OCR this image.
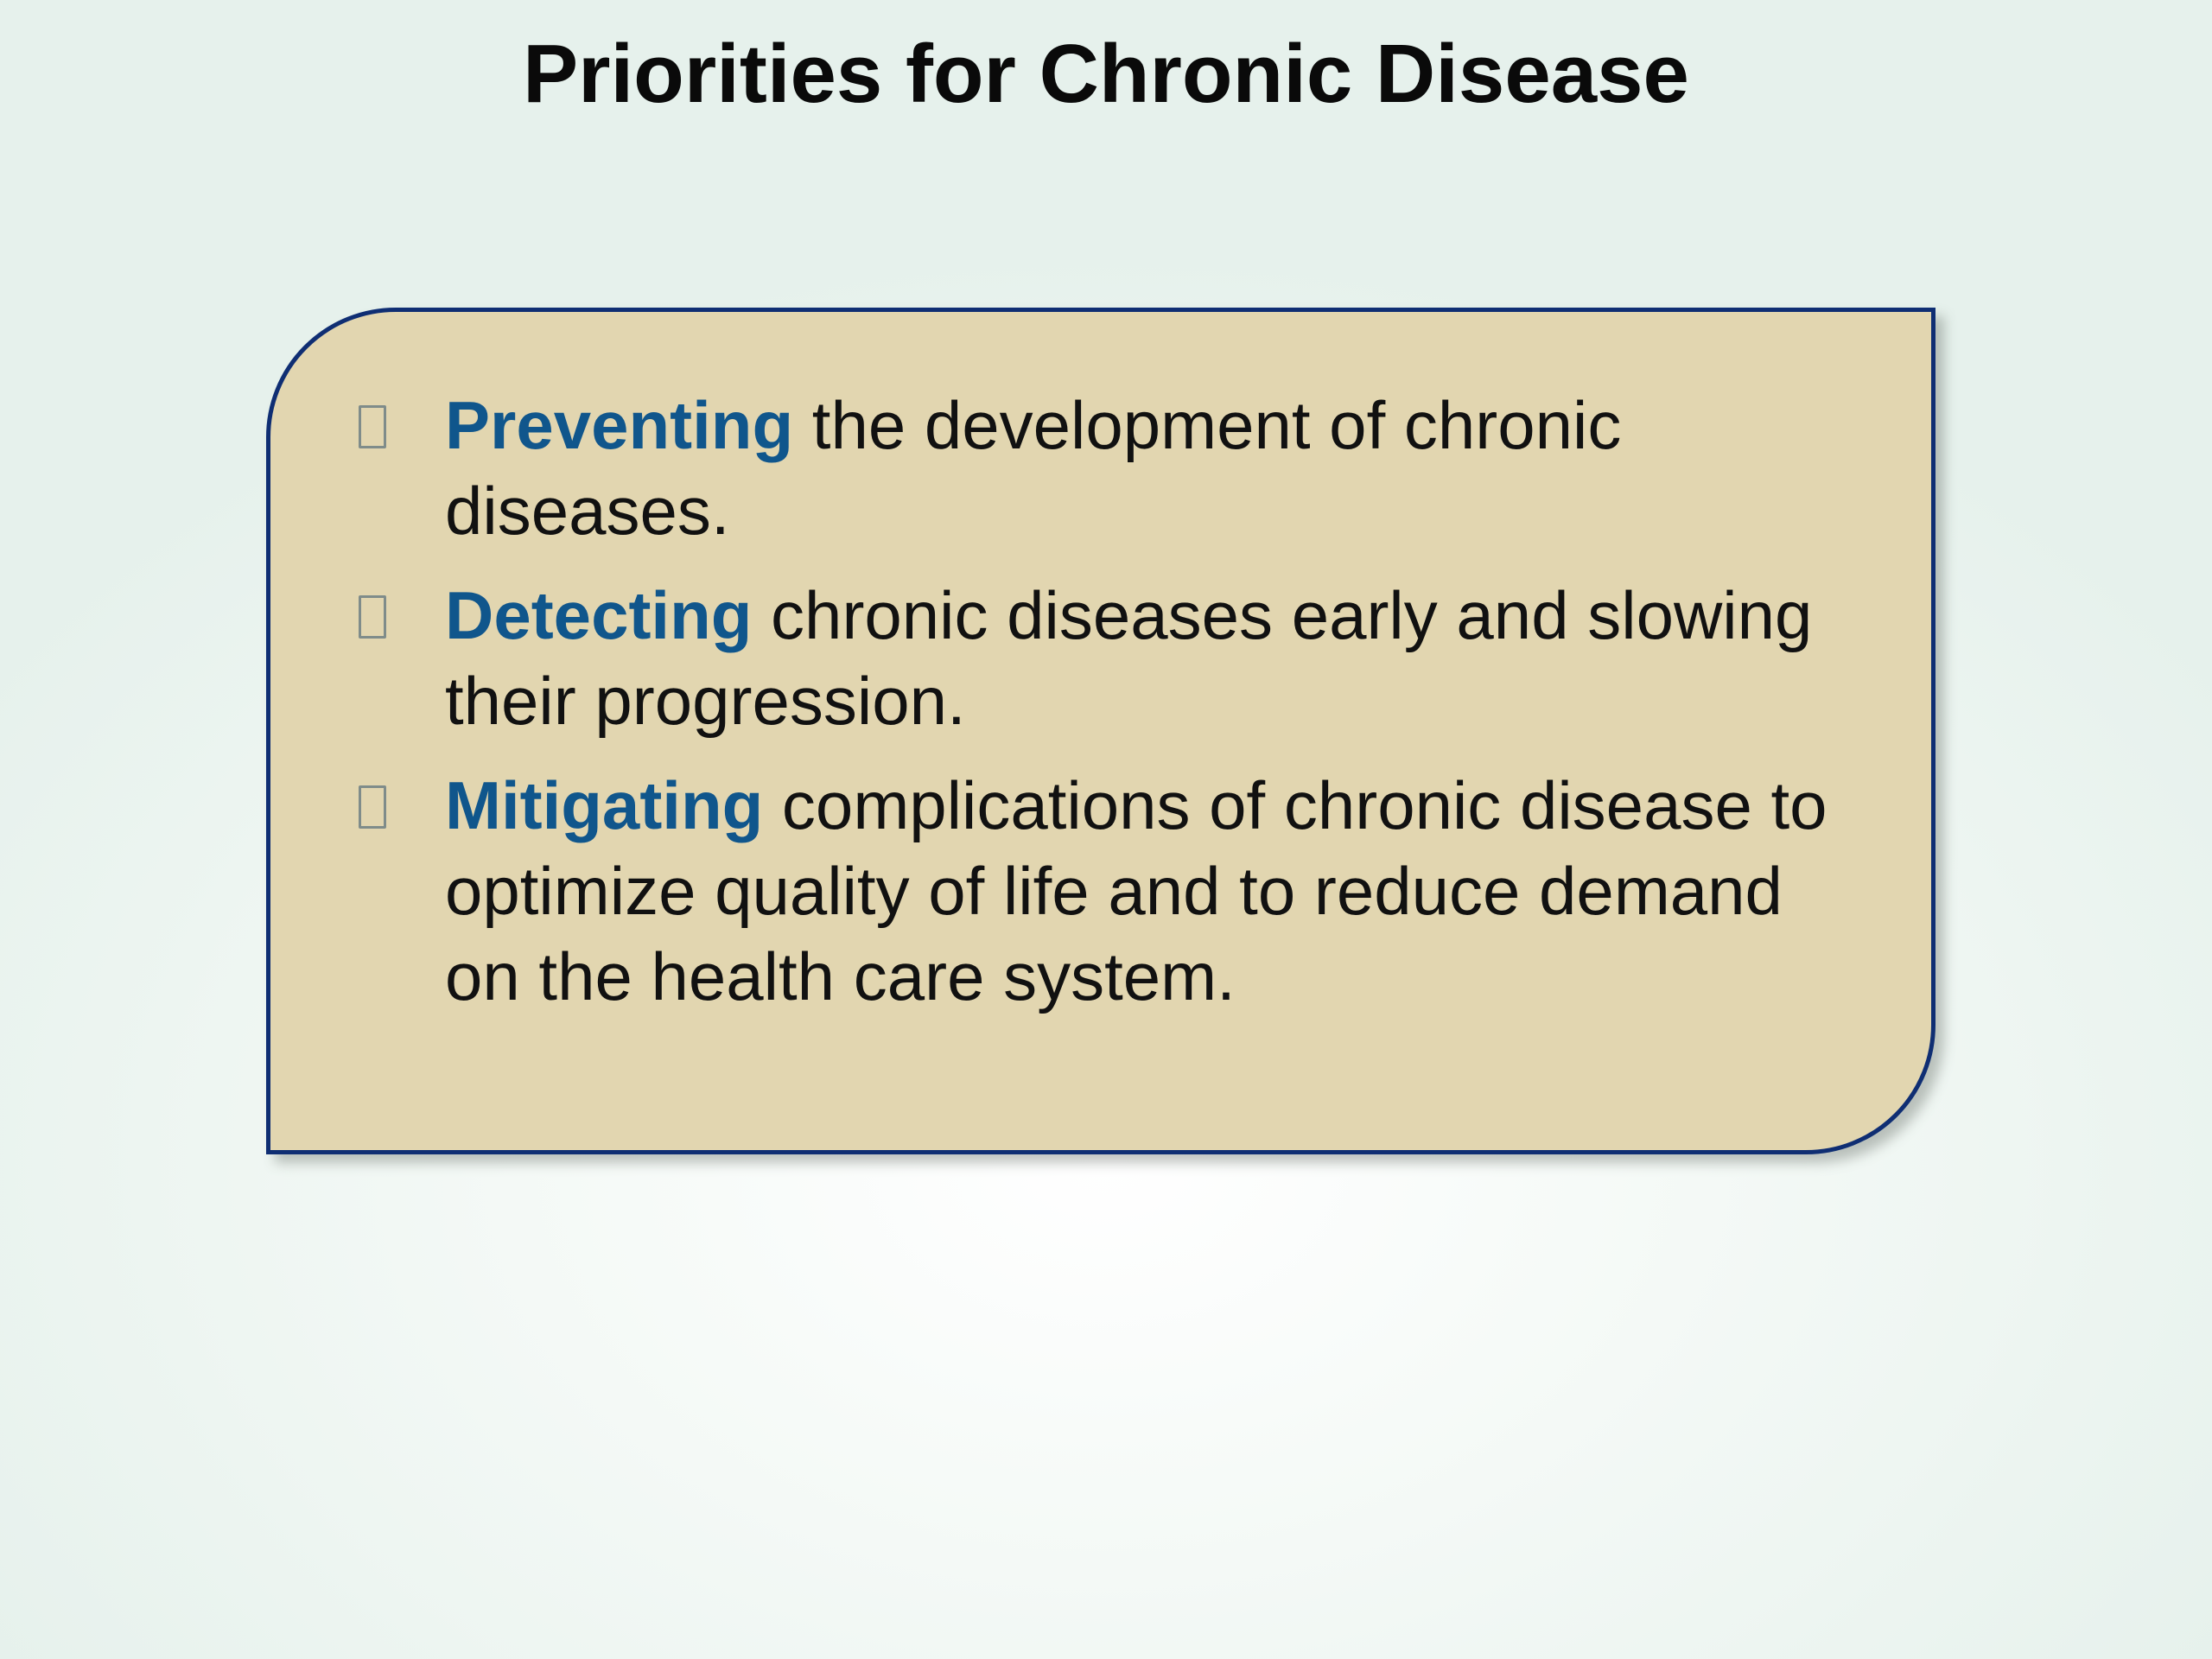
Priorities for Chronic Disease
Preventing the development of chronic diseases.
Detecting chronic diseases early and slowing their progression.
Mitigating complications of chronic disease to optimize quality of life and to reduce demand on the health care system.
